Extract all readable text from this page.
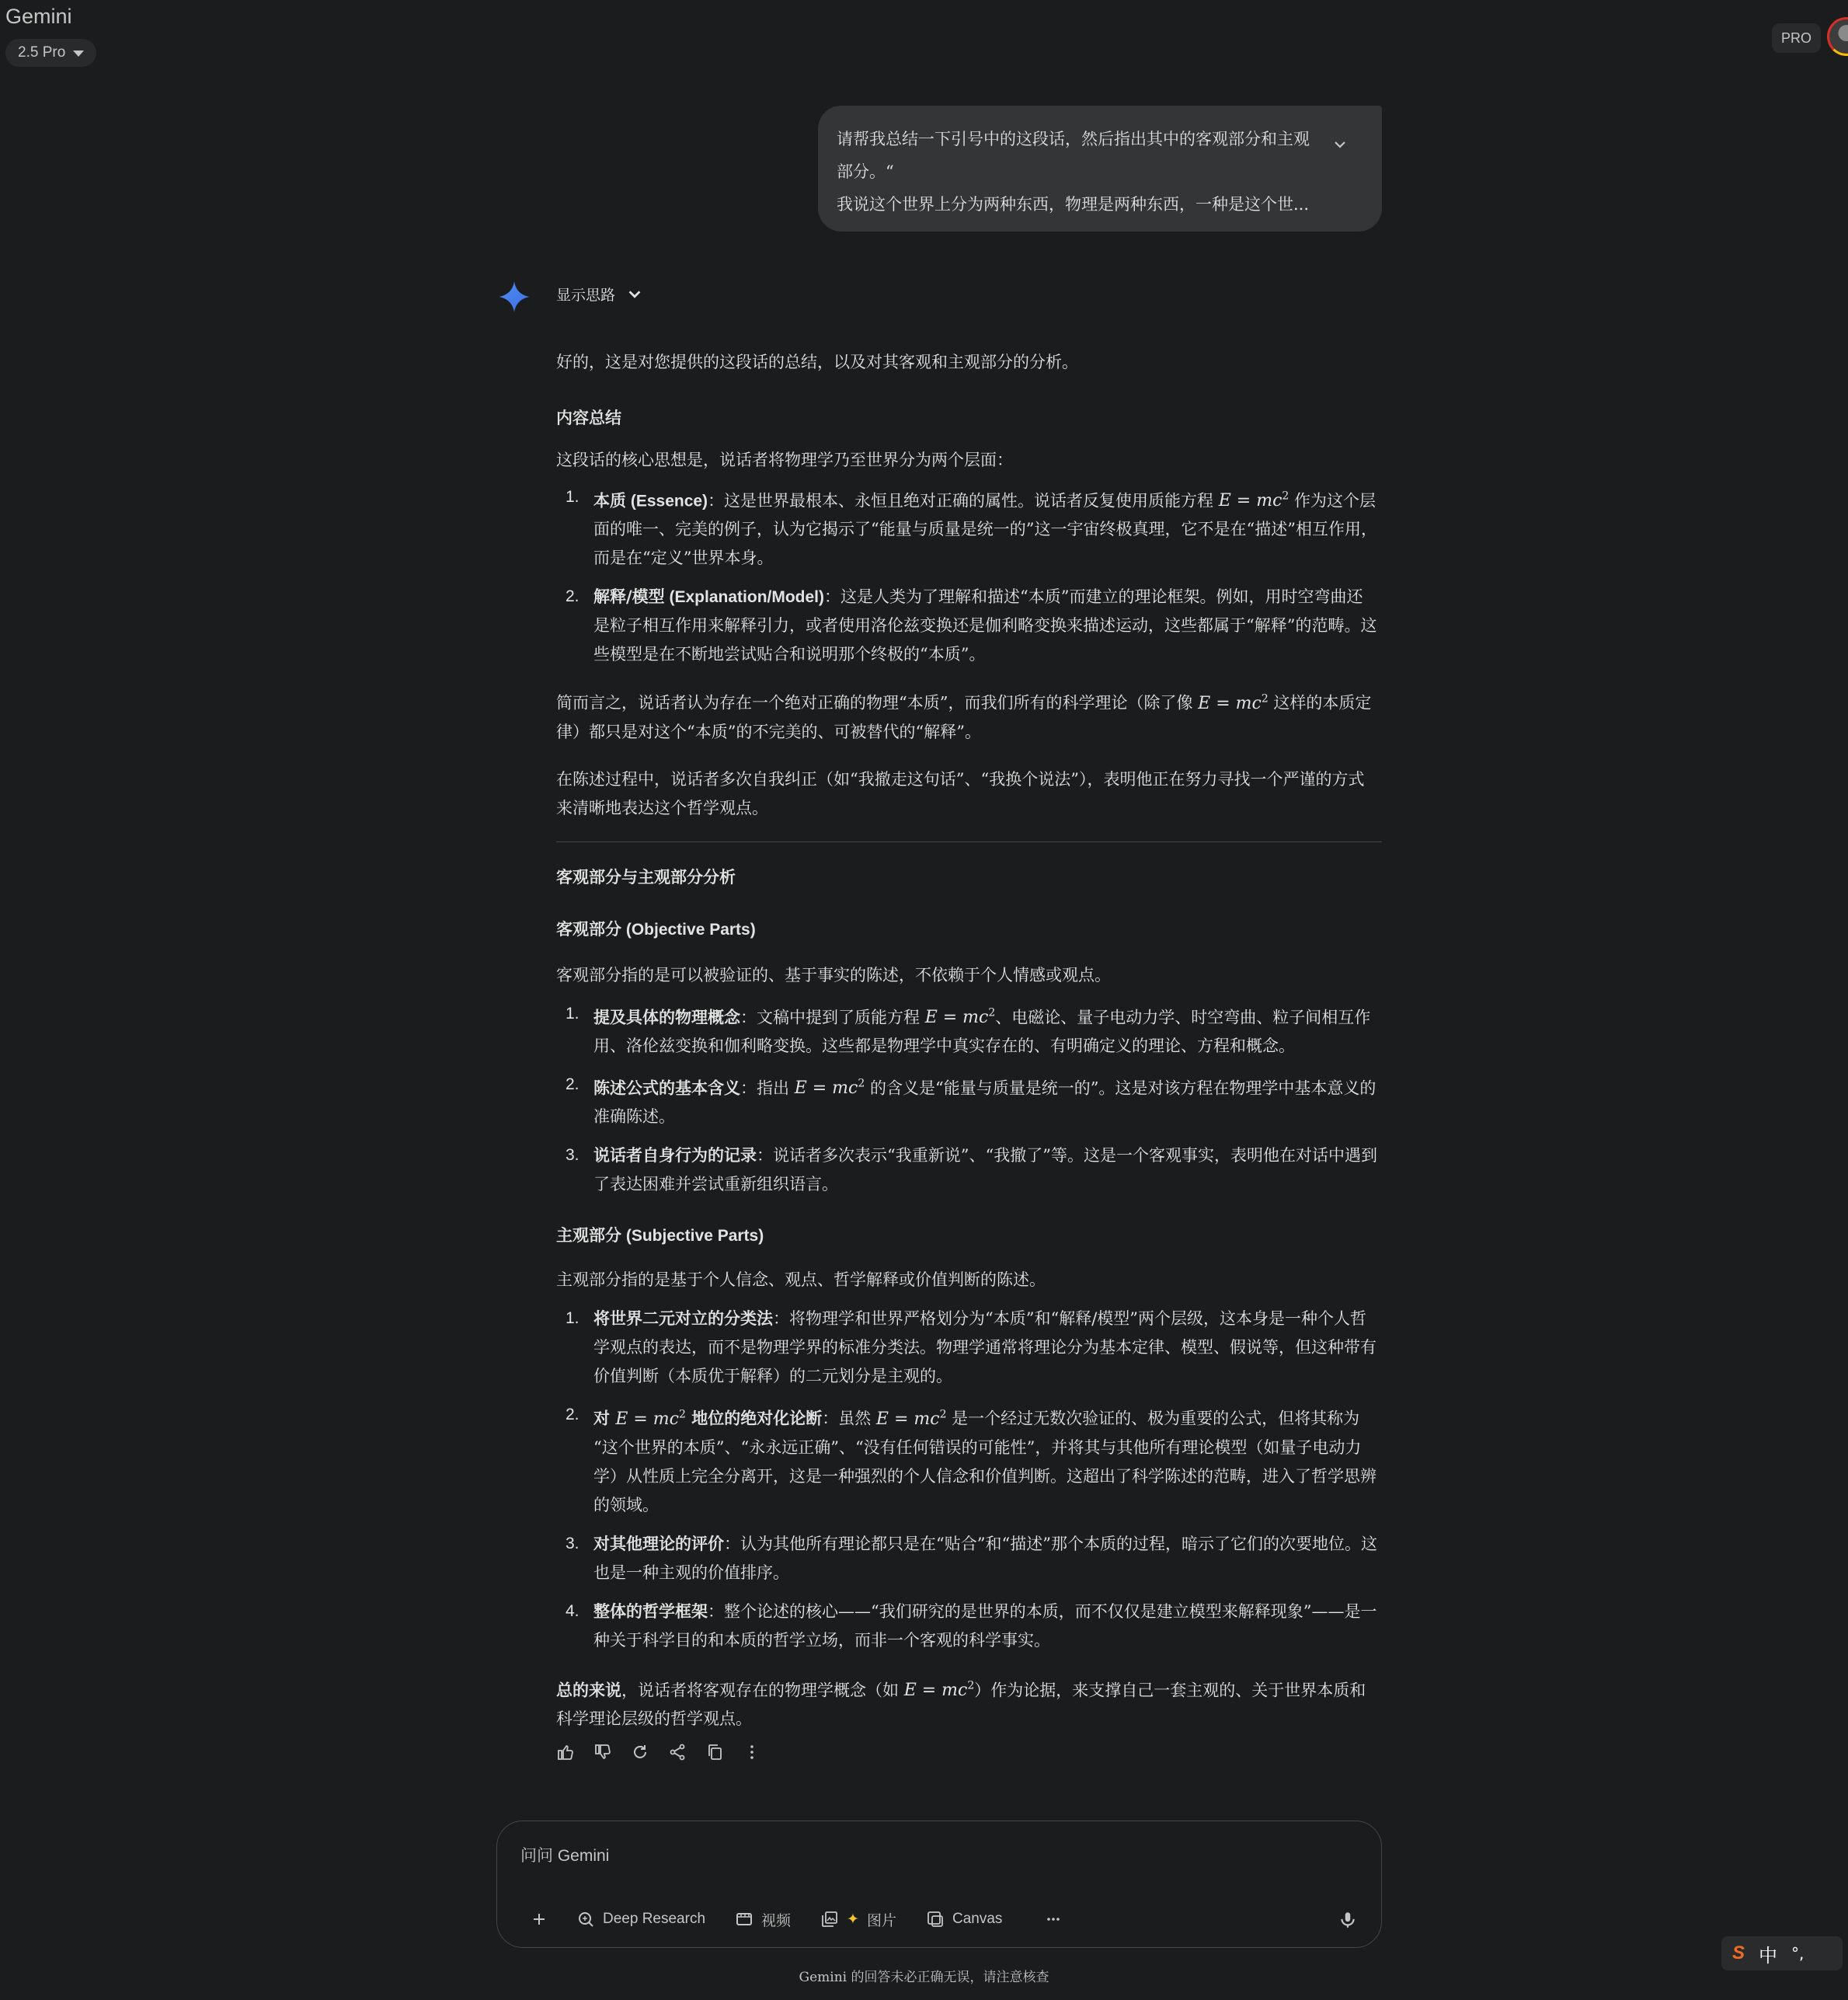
Gemini
2.5 Pro
PRO

请帮我总结一下引号中的这段话，然后指出其中的客观部分和主观

部分。“

我说这个世界上分为两种东西，物理是两种东西，一种是这个世...

显示思路

好的，这是对您提供的这段话的总结，以及对其客观和主观部分的分析。

内容总结

这段话的核心思想是，说话者将物理学乃至世界分为两个层面：

1. 本质 (Essence)：这是世界最根本、永恒且绝对正确的属性。说话者反复使用质能方程 $E = mc^2$ 作为这个层

面的唯一、完美的例子，认为它揭示了“能量与质量是统一的”这一宇宙终极真理，它不是在“描述”相互作用，

而是在“定义”世界本身。

2. 解释/模型 (Explanation/Model)：这是人类为了理解和描述“本质”而建立的理论框架。例如，用时空弯曲还

是粒子相互作用来解释引力，或者使用洛伦兹变换还是伽利略变换来描述运动，这些都属于“解释”的范畴。这

些模型是在不断地尝试贴合和说明那个终极的“本质”。

简而言之，说话者认为存在一个绝对正确的物理“本质”，而我们所有的科学理论（除了像 $E = mc^2$ 这样的本质定

律）都只是对这个“本质”的不完美的、可被替代的“解释”。

在陈述过程中，说话者多次自我纠正（如“我撤走这句话”、“我换个说法”），表明他正在努力寻找一个严谨的方式

来清晰地表达这个哲学观点。

客观部分与主观部分分析
客观部分 (Objective Parts)

客观部分指的是可以被验证的、基于事实的陈述，不依赖于个人情感或观点。

1. 提及具体的物理概念：文稿中提到了质能方程 $E = mc^2$、电磁论、量子电动力学、时空弯曲、粒子间相互作

用、洛伦兹变换和伽利略变换。这些都是物理学中真实存在的、有明确定义的理论、方程和概念。

2. 陈述公式的基本含义：指出 $E = mc^2$ 的含义是“能量与质量是统一的”。这是对该方程在物理学中基本意义的

准确陈述。

3. 说话者自身行为的记录：说话者多次表示“我重新说”、“我撤了”等。这是一个客观事实，表明他在对话中遇到

了表达困难并尝试重新组织语言。

主观部分 (Subjective Parts)

主观部分指的是基于个人信念、观点、哲学解释或价值判断的陈述。

1. 将世界二元对立的分类法：将物理学和世界严格划分为“本质”和“解释/模型”两个层级，这本身是一种个人哲

学观点的表达，而不是物理学界的标准分类法。物理学通常将理论分为基本定律、模型、假说等，但这种带有

价值判断（本质优于解释）的二元划分是主观的。

2. 对 $E = mc^2$ 地位的绝对化论断：虽然 $E = mc^2$ 是一个经过无数次验证的、极为重要的公式，但将其称为

“这个世界的本质”、“永永远正确”、“没有任何错误的可能性”，并将其与其他所有理论模型（如量子电动力

学）从性质上完全分离开，这是一种强烈的个人信念和价值判断。这超出了科学陈述的范畴，进入了哲学思辨

的领域。

3. 对其他理论的评价：认为其他所有理论都只是在“贴合”和“描述”那个本质的过程，暗示了它们的次要地位。这

也是一种主观的价值排序。

4. 整体的哲学框架：整个论述的核心——“我们研究的是世界的本质，而不仅仅是建立模型来解释现象”——是一

种关于科学目的和本质的哲学立场，而非一个客观的科学事实。

总的来说，说话者将客观存在的物理学概念（如 $E = mc^2$）作为论据，来支撑自己一套主观的、关于世界本质和

科学理论层级的哲学观点。

问问 Gemini
Deep Research	视频	✦ 图片	Canvas
Gemini 的回答未必正确无误，请注意核查
S 中 °,
